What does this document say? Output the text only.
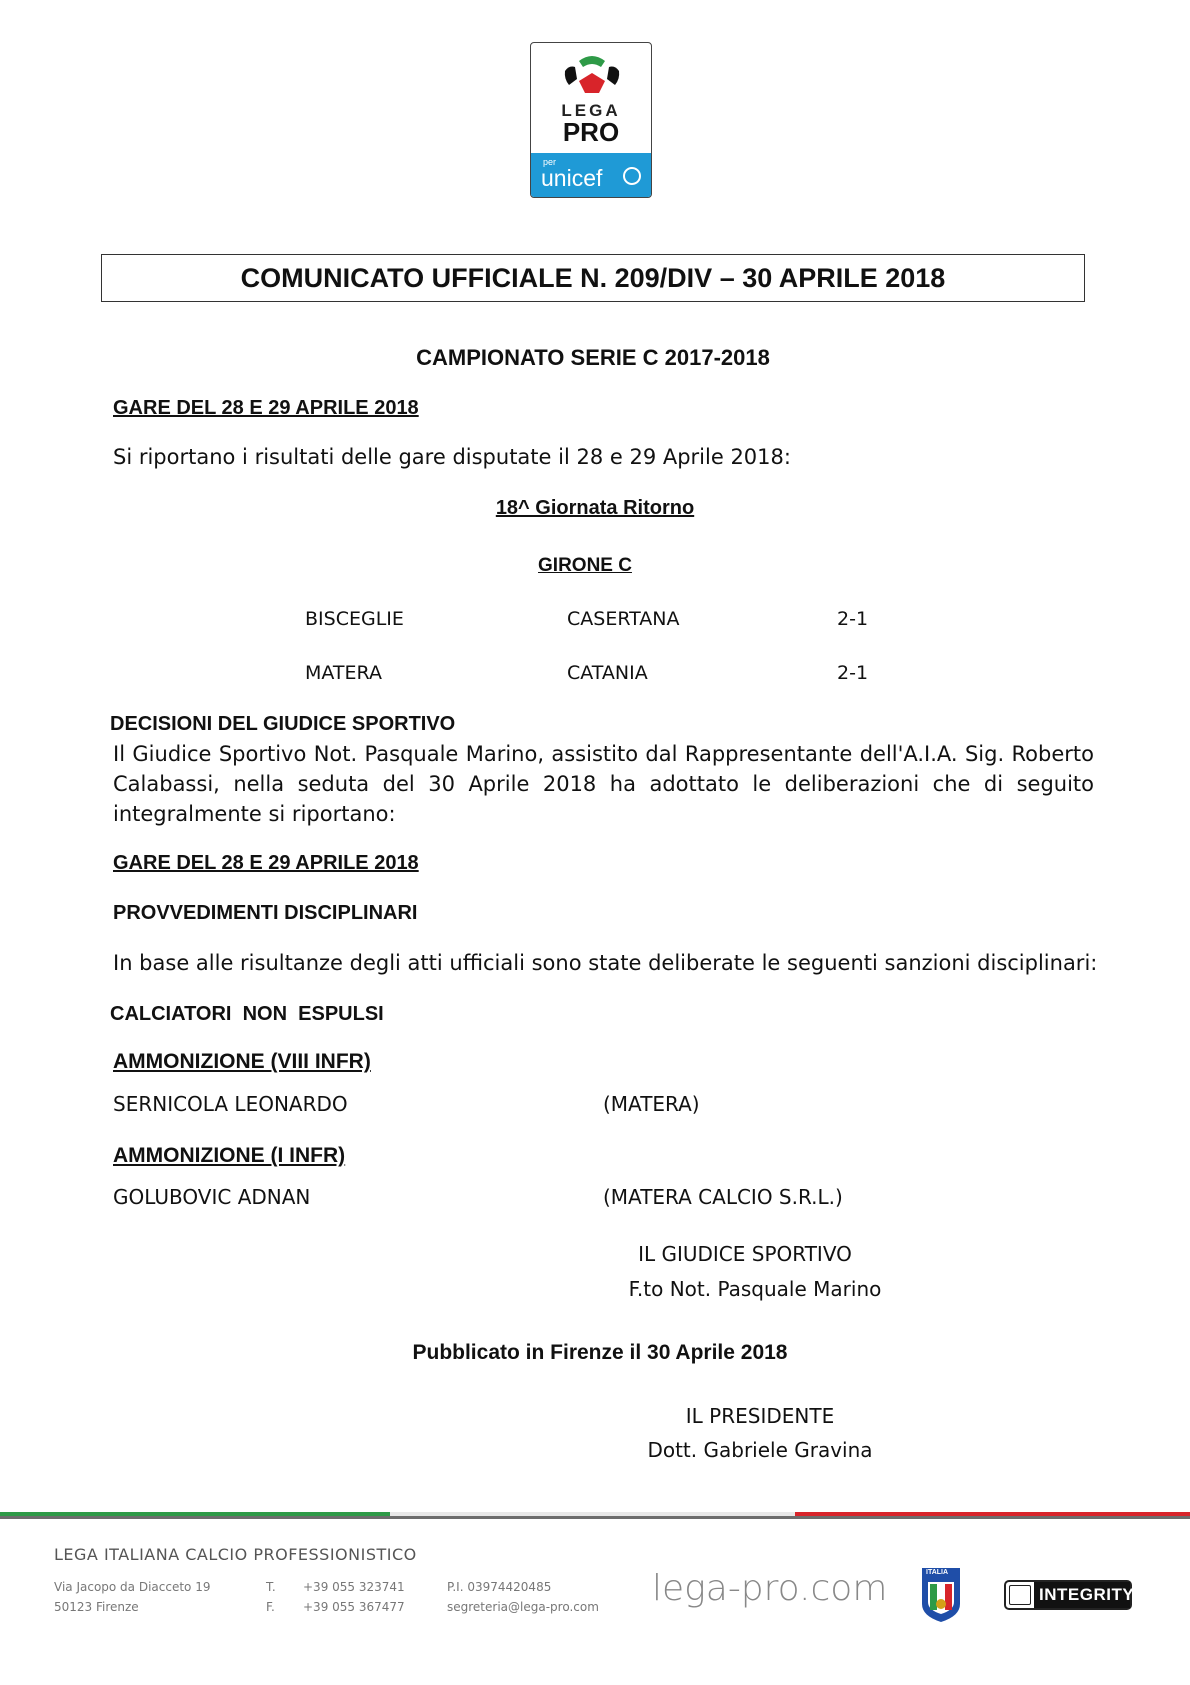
LEGA
PRO
per
unicef
COMUNICATO UFFICIALE N. 209/DIV – 30 APRILE 2018
CAMPIONATO SERIE C 2017-2018
GARE DEL 28 E 29 APRILE 2018
Si riportano i risultati delle gare disputate il 28 e 29 Aprile 2018:
18^ Giornata Ritorno
GIRONE C
BISCEGLIE	CASERTANA	2-1
MATERA	CATANIA	2-1
DECISIONI DEL GIUDICE SPORTIVO
Il Giudice Sportivo Not. Pasquale Marino, assistito dal Rappresentante dell'A.I.A. Sig. Roberto Calabassi, nella seduta del 30 Aprile 2018 ha adottato le deliberazioni che di seguito integralmente si riportano:
GARE DEL 28 E 29 APRILE 2018
PROVVEDIMENTI DISCIPLINARI
In base alle risultanze degli atti ufficiali sono state deliberate le seguenti sanzioni disciplinari:
CALCIATORI  NON  ESPULSI
AMMONIZIONE (VIII INFR)
SERNICOLA LEONARDO	(MATERA)
AMMONIZIONE (I INFR)
GOLUBOVIC ADNAN	(MATERA CALCIO S.R.L.)
IL GIUDICE SPORTIVO
F.to Not. Pasquale Marino
Pubblicato in Firenze il 30 Aprile 2018
IL PRESIDENTE
Dott. Gabriele Gravina
LEGA ITALIANA CALCIO PROFESSIONISTICO
Via Jacopo da Diacceto 19
50123 Firenze
T. +39 055 323741
F. +39 055 367477
P.I. 03974420485
segreteria@lega-pro.com lega-pro.com	ITALIA
INTEGRITY
